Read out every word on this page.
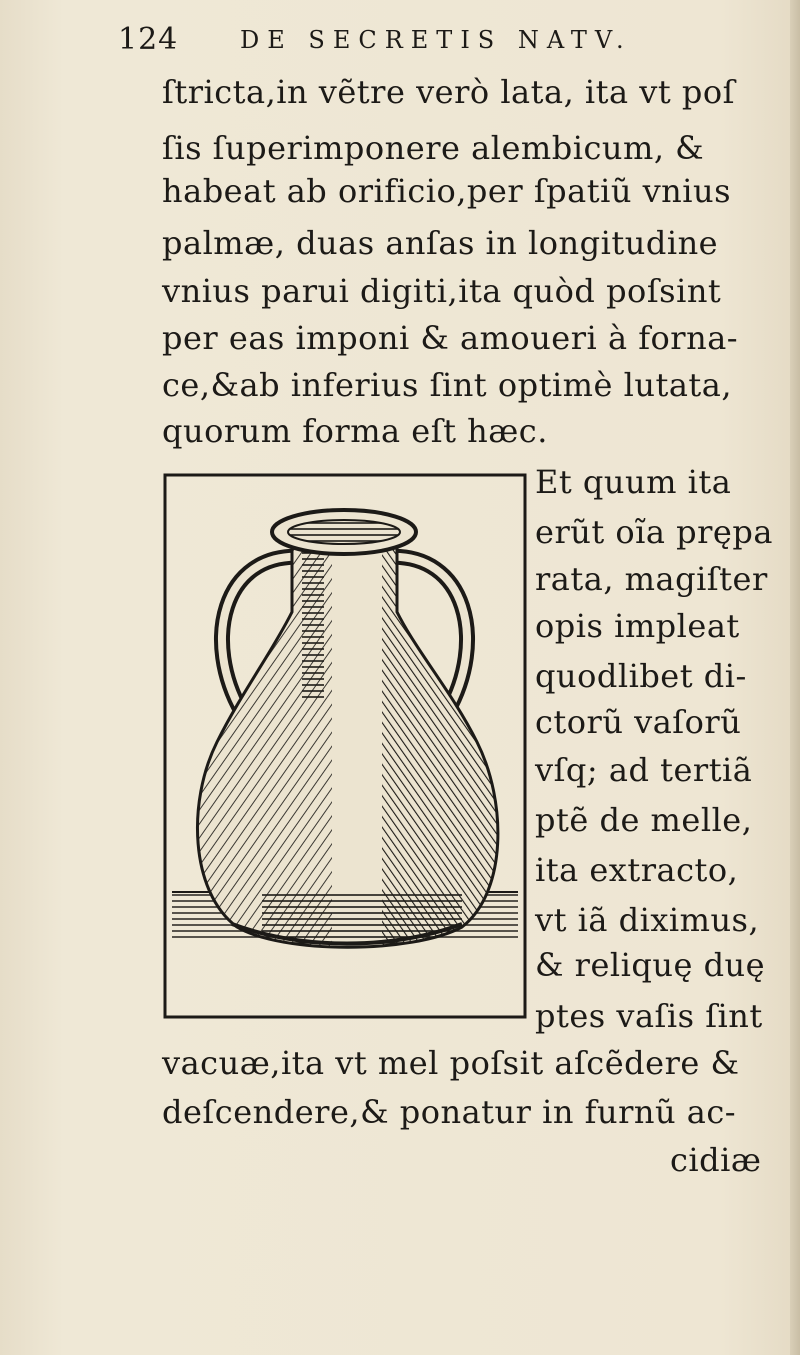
124	DE SECRETIS NATV.
ſtricta,in vẽtre verò lata, ita vt poſ
ſis ſuperimponere alembicum, &
habeat ab orificio,per ſpatiũ vnius
palmæ, duas anſas in longitudine
vnius parui digiti,ita quòd poſsint
per eas imponi & amoueri à forna-
ce,&ab inferius ſint optimè lutata,
quorum forma eſt hæc.
Et quum ita
erũt oĩa prępa
rata, magiſter
opis impleat
quodlibet di-
ctorũ vaſorũ
vſq; ad tertiã
ptẽ de melle,
ita extracto,
vt iã diximus,
& reliquę duę
ptes vaſis ſint
vacuæ,ita vt mel poſsit aſcẽdere &
deſcendere,& ponatur in furnũ ac-
cidiæ
